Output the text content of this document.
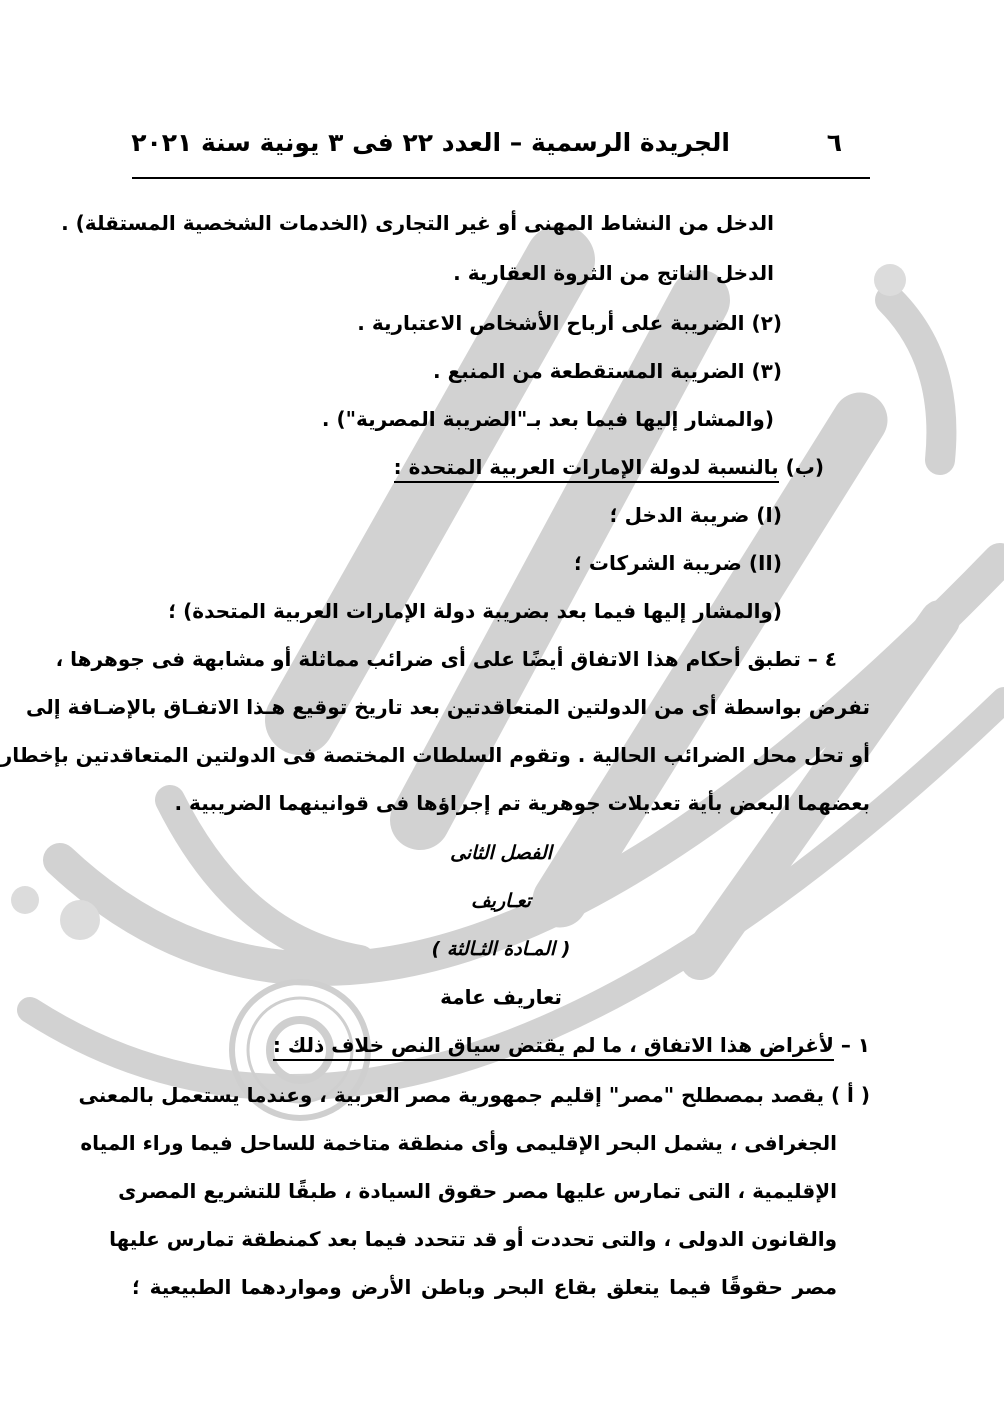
٦
الجريدة الرسمية – العدد ٢٢ فى ٣ يونية سنة ٢٠٢١
الدخل من النشاط المهنى أو غير التجارى (الخدمات الشخصية المستقلة) .
الدخل الناتج من الثروة العقارية .
(٢) الضريبة على أرباح الأشخاص الاعتبارية .
(٣) الضريبة المستقطعة من المنبع .
(والمشار إليها فيما بعد بـ"الضريبة المصرية") .
(ب) بالنسبة لدولة الإمارات العربية المتحدة :
(I) ضريبة الدخل ؛
(II) ضريبة الشركات ؛
(والمشار إليها فيما بعد بضريبة دولة الإمارات العربية المتحدة) ؛
٤ – تطبق أحكام هذا الاتفاق أيضًا على أى ضرائب مماثلة أو مشابهة فى جوهرها ،
تفرض بواسطة أى من الدولتين المتعاقدتين بعد تاريخ توقيع هـذا الاتفـاق بالإضـافة إلى
أو تحل محل الضرائب الحالية . وتقوم السلطات المختصة فى الدولتين المتعاقدتين بإخطار
بعضهما البعض بأية تعديلات جوهرية تم إجراؤها فى قوانينهما الضريبية .
الفصل الثانى
تعـاريف
( المـادة الثـالثة )
تعاريف عامة
١ – لأغراض هذا الاتفاق ، ما لم يقتض سياق النص خلاف ذلك :
( أ ) يقصد بمصطلح "مصر" إقليم جمهورية مصر العربية ، وعندما يستعمل بالمعنى
الجغرافى ، يشمل البحر الإقليمى وأى منطقة متاخمة للساحل فيما وراء المياه
الإقليمية ، التى تمارس عليها مصر حقوق السيادة ، طبقًا للتشريع المصرى
والقانون الدولى ، والتى تحددت أو قد تتحدد فيما بعد كمنطقة تمارس عليها
مصر حقوقًا فيما يتعلق بقاع البحر وباطن الأرض ومواردهما الطبيعية ؛
